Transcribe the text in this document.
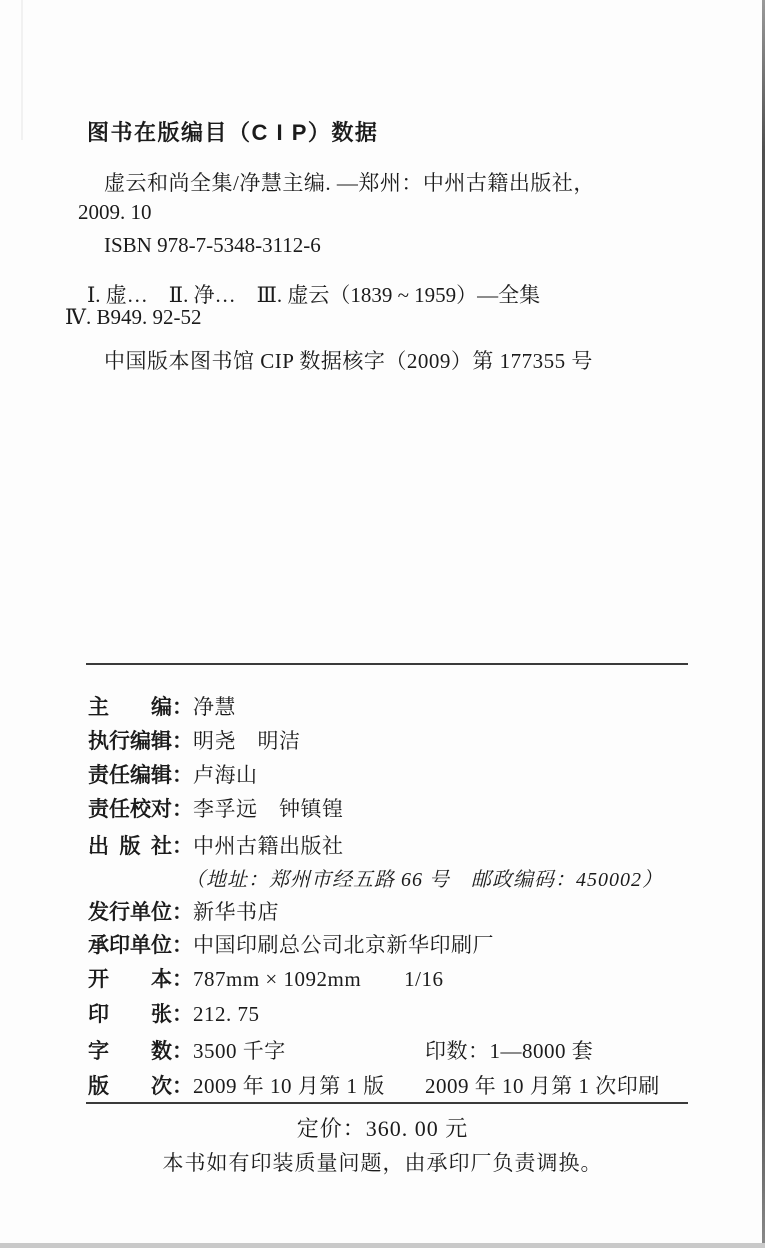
图书在版编目（C I P）数据
虚云和尚全集/净慧主编. —郑州：中州古籍出版社，
2009. 10
ISBN 978-7-5348-3112-6
Ⅰ. 虚…　Ⅱ. 净…　Ⅲ. 虚云（1839 ~ 1959）—全集
Ⅳ. B949. 92-52
中国版本图书馆 CIP 数据核字（2009）第 177355 号
主编：净慧
执行编辑：明尧　明洁
责任编辑：卢海山
责任校对：李孚远　钟镇锽
出版社：中州古籍出版社
（地址：郑州市经五路 66 号　邮政编码：450002）
发行单位：新华书店
承印单位：中国印刷总公司北京新华印刷厂
开本：787mm × 1092mm　　1/16
印张：212. 75
字数：3500 千字	印数：1—8000 套
版次：2009 年 10 月第 1 版 2009 年 10 月第 1 次印刷
定价：360. 00 元
本书如有印装质量问题，由承印厂负责调换。
